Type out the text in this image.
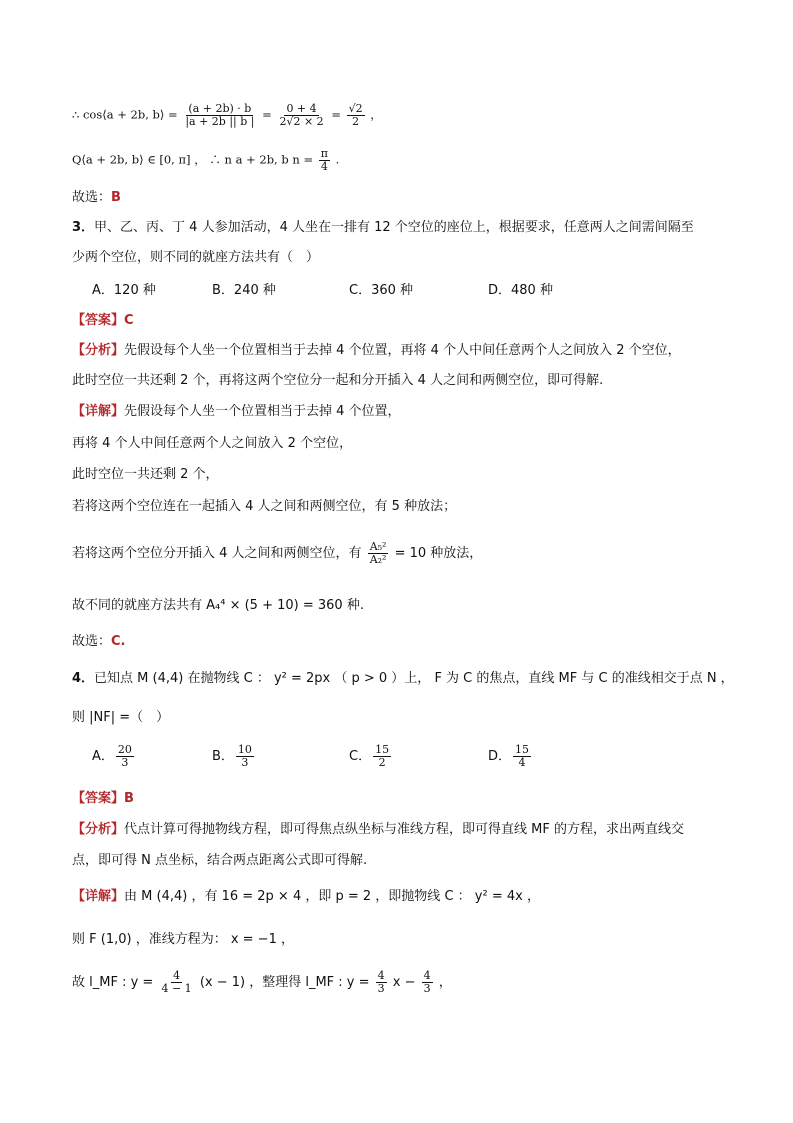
∴ cos⟨a + 2b, b⟩ = $\frac{(a + 2b) \cdot b}{|a + 2b || b |} = \frac{0 + 4}{2√2 \times 2} = \frac{√2}{2}$ ，
Q⟨a + 2b, b⟩ ∈ [0, π] ， ∴ n a + 2b, b $n = \frac{\pi}{4}$ .
故选：B
3．甲、乙、丙、丁 4 人参加活动，4 人坐在一排有 12 个空位的座位上，根据要求，任意两人之间需间隔至
少两个空位，则不同的就座方法共有（　）
A．120 种	B．240 种	C．360 种	D．480 种
【答案】C
【分析】先假设每个人坐一个位置相当于去掉 4 个位置，再将 4 个人中间任意两个人之间放入 2 个空位，
此时空位一共还剩 2 个，再将这两个空位分一起和分开插入 4 人之间和两侧空位，即可得解.
【详解】先假设每个人坐一个位置相当于去掉 4 个位置，
再将 4 个人中间任意两个人之间放入 2 个空位，
此时空位一共还剩 2 个，
若将这两个空位连在一起插入 4 人之间和两侧空位，有 5 种放法；
若将这两个空位分开插入 4 人之间和两侧空位，有 $\frac{\text{A₅²}}{\text{A₂²}} = 10$ 种放法，
故不同的就座方法共有 A₄⁴ × (5 + 10) = 360 种.
故选：C.
4．已知点 M (4,4) 在抛物线 C ： y² = 2px （ p > 0 ）上， F 为 C 的焦点，直线 MF 与 C 的准线相交于点 N ，
则 |NF| =（　）
A． $\frac{20}{3}$	B． $\frac{10}{3}$	C． $\frac{15}{2}$	D． $\frac{15}{4}$
【答案】B
【分析】代点计算可得抛物线方程，即可得焦点纵坐标与准线方程，即可得直线 MF 的方程，求出两直线交
点，即可得 N 点坐标，结合两点距离公式即可得解.
【详解】由 M (4,4) ，有 16 = 2p × 4 ，即 p = 2 ，即抛物线 C ： y² = 4x ，
则 F (1,0) ，准线方程为： x = −1 ，
故 l_MF : $y = \frac{4}{4 - 1} (x - 1)$ ，整理得 l_MF : $y = \frac{4}{3}$ $x - \frac{4}{3}$ ，
